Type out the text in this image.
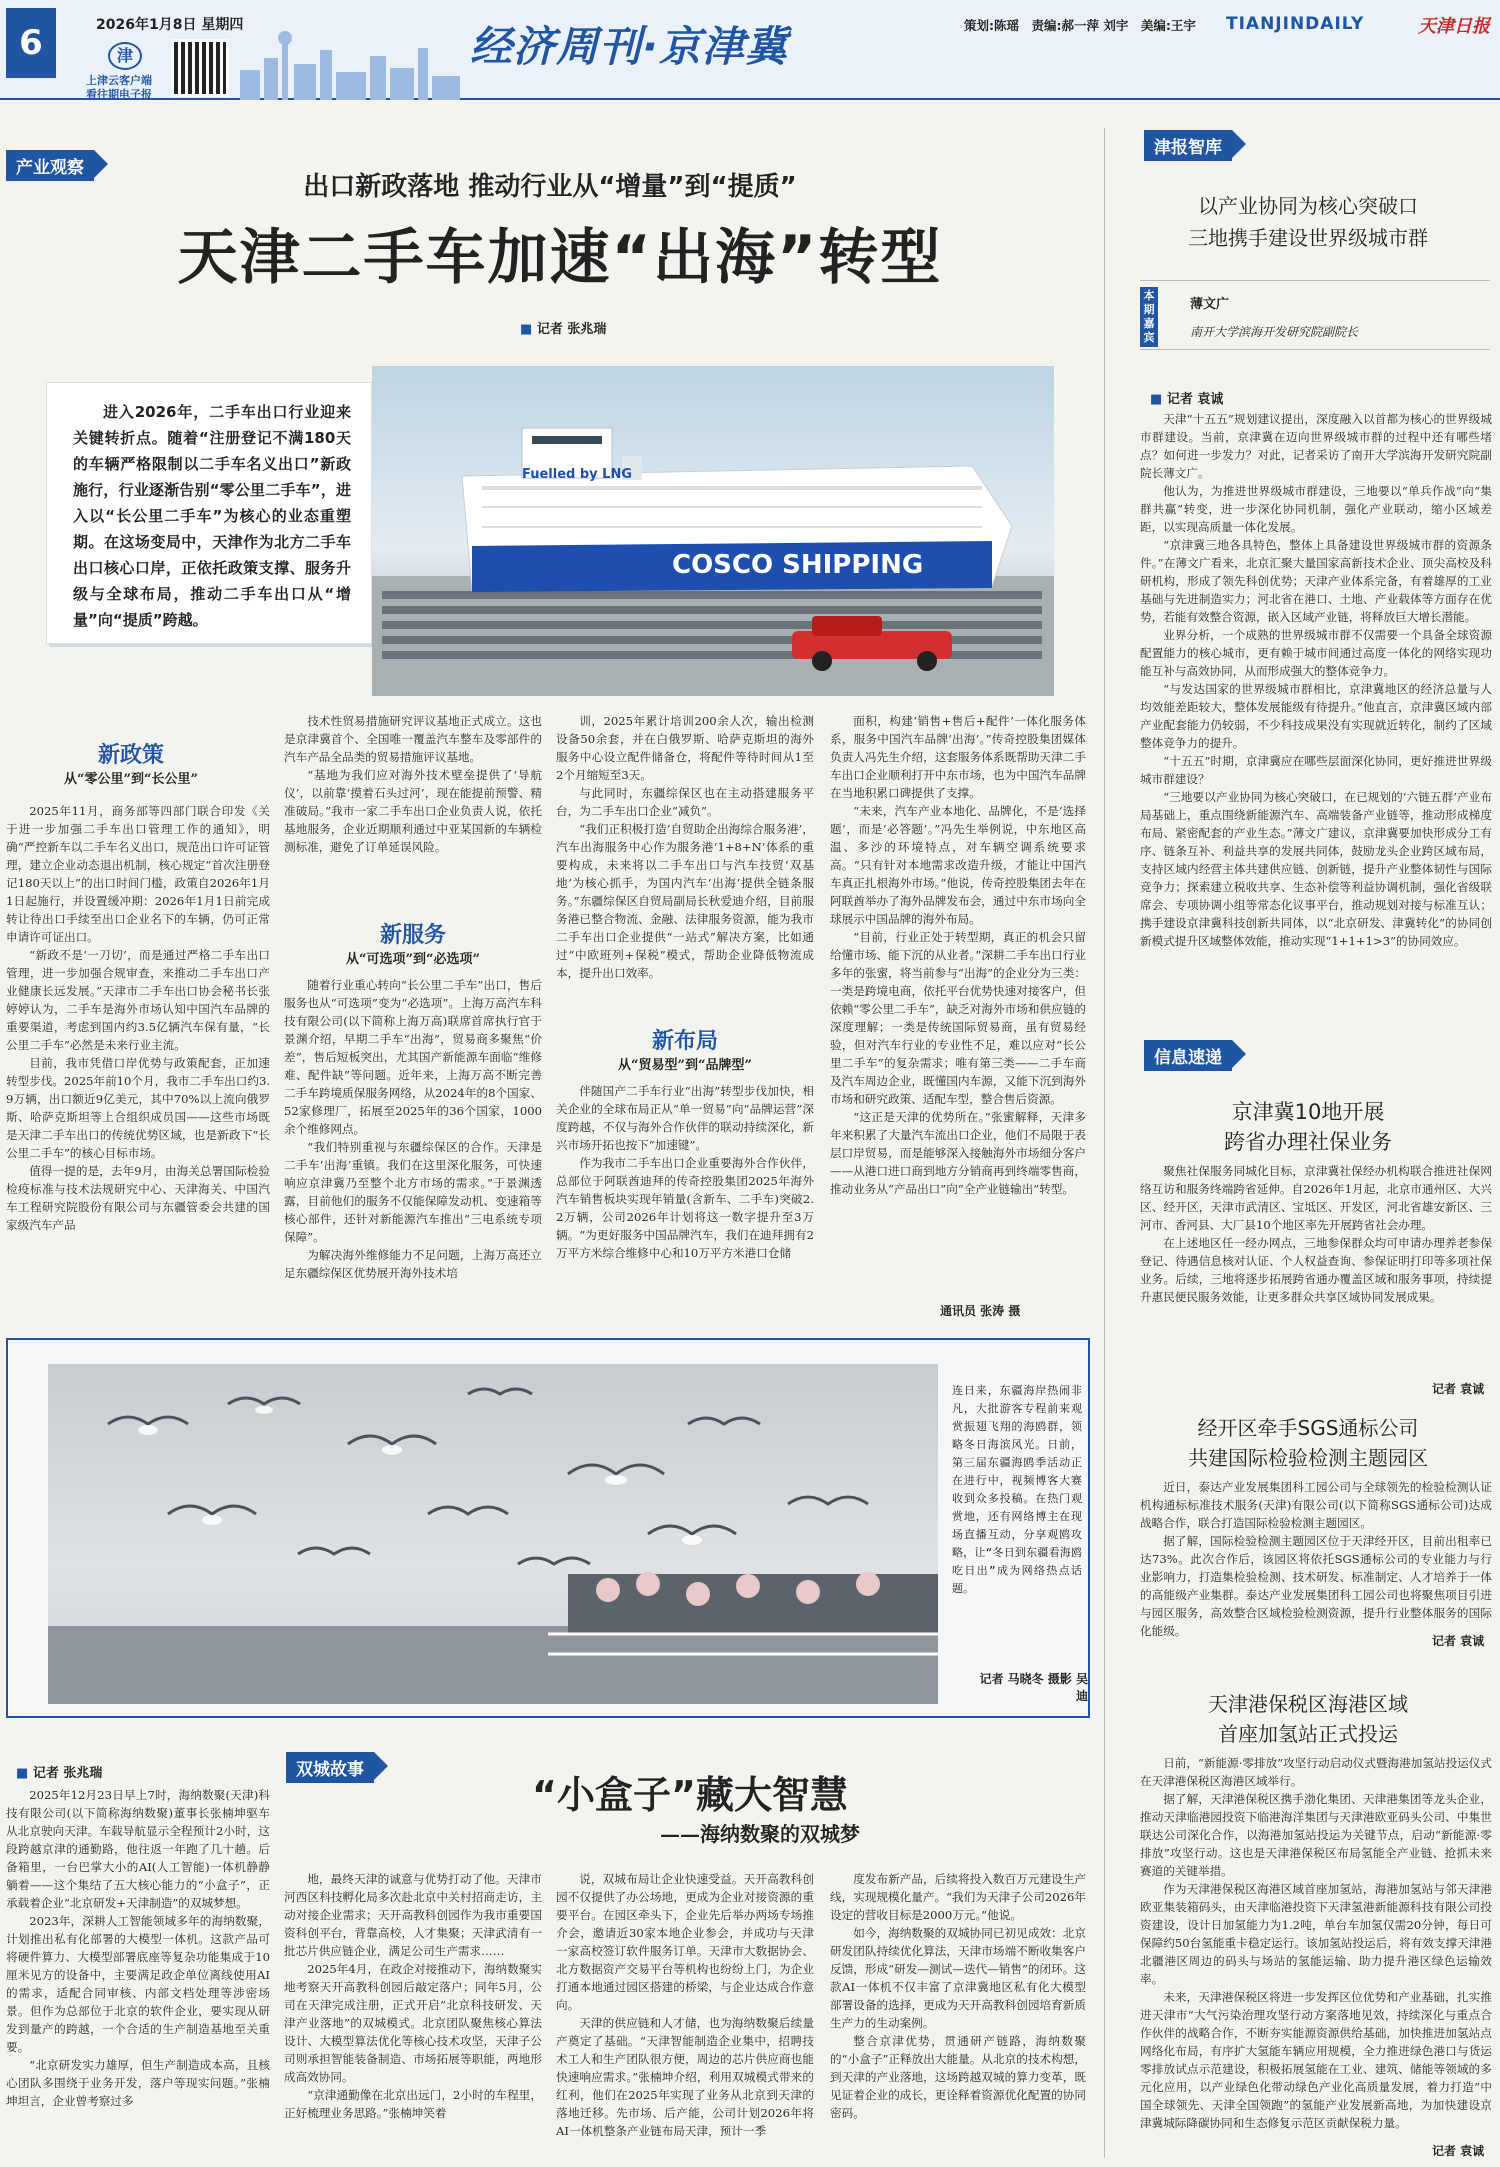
6	2026年1月8日 星期四
津
上津云客户端
看往期电子报
经济周刊·京津冀	策划:陈瑶　责编:郝一萍 刘宇　美编:王宇 TIANJINDAILY	天津日报
产业观察
出口新政落地 推动行业从“增量”到“提质”
天津二手车加速“出海”转型
■ 记者 张兆瑞
进入2026年，二手车出口行业迎来关键转折点。随着“注册登记不满180天的车辆严格限制以二手车名义出口”新政施行，行业逐渐告别“零公里二手车”，进入以“长公里二手车”为核心的业态重塑期。在这场变局中，天津作为北方二手车出口核心口岸，正依托政策支撑、服务升级与全球布局，推动二手车出口从“增量”向“提质”跨越。
COSCO SHIPPING
Fuelled by LNG
新政策
从“零公里”到“长公里”

2025年11月，商务部等四部门联合印发《关于进一步加强二手车出口管理工作的通知》，明确“严控新车以二手车名义出口，规范出口许可证管理，建立企业动态退出机制，核心规定“首次注册登记180天以上”的出口时间门槛，政策自2026年1月1日起施行，并设置缓冲期：2026年1月1日前完成转让待出口手续至出口企业名下的车辆，仍可正常申请许可证出口。

“新政不是‘一刀切’，而是通过严格二手车出口管理，进一步加强合规审查，来推动二手车出口产业健康长远发展。”天津市二手车出口协会秘书长张婷婷认为，二手车是海外市场认知中国汽车品牌的重要渠道，考虑到国内约3.5亿辆汽车保有量，“长公里二手车”必然是未来行业主流。

目前，我市凭借口岸优势与政策配套，正加速转型步伐。2025年前10个月，我市二手车出口约3.9万辆，出口额近9亿美元，其中70%以上流向俄罗斯、哈萨克斯坦等上合组织成员国——这些市场既是天津二手车出口的传统优势区域，也是新政下“长公里二手车”的核心目标市场。

值得一提的是，去年9月，由海关总署国际检验检疫标准与技术法规研究中心、天津海关、中国汽车工程研究院股份有限公司与东疆管委会共建的国家级汽车产品

技术性贸易措施研究评议基地正式成立。这也是京津冀首个、全国唯一覆盖汽车整车及零部件的汽车产品全品类的贸易措施评议基地。

“基地为我们应对海外技术壁垒提供了‘导航仪’，以前靠‘摸着石头过河’，现在能提前预警、精准破局。”我市一家二手车出口企业负责人说，依托基地服务，企业近期顺利通过中亚某国新的车辆检测标准，避免了订单延误风险。

新服务
从“可选项”到“必选项”

随着行业重心转向“长公里二手车”出口，售后服务也从“可选项”变为“必选项”。上海万高汽车科技有限公司(以下简称上海万高)联席首席执行官于景渊介绍，早期二手车“出海”，贸易商多聚焦“价差”，售后短板突出，尤其国产新能源车面临“维修难、配件缺”等问题。近年来，上海万高不断完善二手车跨境质保服务网络，从2024年的8个国家、52家修理厂，拓展至2025年的36个国家，1000余个维修网点。

“我们特别重视与东疆综保区的合作。天津是二手车‘出海’重镇。我们在这里深化服务，可快速响应京津冀乃至整个北方市场的需求。”于景渊透露，目前他们的服务不仅能保障发动机、变速箱等核心部件，还针对新能源汽车推出“三电系统专项保障”。

为解决海外维修能力不足问题，上海万高还立足东疆综保区优势展开海外技术培

训，2025年累计培训200余人次，输出检测设备50余套，并在白俄罗斯、哈萨克斯坦的海外服务中心设立配件储备仓，将配件等待时间从1至2个月缩短至3天。

与此同时，东疆综保区也在主动搭建服务平台，为二手车出口企业“减负”。

“我们正积极打造‘自贸助企出海综合服务港’，汽车出海服务中心作为服务港‘1+8+N’体系的重要构成，未来将以二手车出口与汽车技贸‘双基地’为核心抓手，为国内汽车‘出海’提供全链条服务。”东疆综保区自贸局副局长秋爱迪介绍，目前服务港已整合物流、金融、法律服务资源，能为我市二手车出口企业提供“一站式”解决方案，比如通过“中欧班列+保税”模式，帮助企业降低物流成本，提升出口效率。

新布局
从“贸易型”到“品牌型”

伴随国产二手车行业“出海”转型步伐加快，相关企业的全球布局正从“单一贸易”向“品牌运营”深度跨越，不仅与海外合作伙伴的联动持续深化，新兴市场开拓也按下“加速键”。

作为我市二手车出口企业重要海外合作伙伴，总部位于阿联酋迪拜的传奇控股集团2025年海外汽车销售板块实现年销量(含新车、二手车)突破2.2万辆，公司2026年计划将这一数字提升至3万辆。“为更好服务中国品牌汽车，我们在迪拜拥有2万平方米综合维修中心和10万平方米港口仓储

面积，构建‘销售+售后+配件’一体化服务体系，服务中国汽车品牌‘出海’。”传奇控股集团媒体负责人冯先生介绍，这套服务体系既帮助天津二手车出口企业顺利打开中东市场，也为中国汽车品牌在当地积累口碑提供了支撑。

“未来，汽车产业本地化、品牌化，不是‘选择题’，而是‘必答题’。”冯先生举例说，中东地区高温、多沙的环境特点，对车辆空调系统要求高。“只有针对本地需求改造升级，才能让中国汽车真正扎根海外市场。”他说，传奇控股集团去年在阿联酋举办了海外品牌发布会，通过中东市场向全球展示中国品牌的海外布局。

“目前，行业正处于转型期，真正的机会只留给懂市场、能下沉的从业者。”深耕二手车出口行业多年的张蜜，将当前参与“出海”的企业分为三类：一类是跨境电商，依托平台优势快速对接客户，但依赖“零公里二手车”，缺乏对海外市场和供应链的深度理解；一类是传统国际贸易商，虽有贸易经验，但对汽车行业的专业性不足，难以应对“长公里二手车”的复杂需求；唯有第三类——二手车商及汽车周边企业，既懂国内车源，又能下沉到海外市场和研究政策、适配车型，整合售后资源。

“这正是天津的优势所在。”张蜜解释，天津多年来积累了大量汽车流出口企业，他们不局限于表层口岸贸易，而是能够深入接触海外市场细分客户——从港口进口商到地方分销商再到终端零售商，推动业务从“产品出口”向“全产业链输出”转型。

通讯员 张涛 摄
连日来，东疆海岸热闹非凡，大批游客专程前来观赏振翅飞翔的海鸥群，领略冬日海滨风光。日前，第三届东疆海鸥季活动正在进行中，视频博客大赛收到众多投稿。在热门观赏地，还有网络博主在现场直播互动，分享观鸥攻略，让“冬日到东疆看海鸥吃日出”成为网络热点话题。
记者 马晓冬 摄影 吴迪
■ 记者 张兆瑞	双城故事
“小盒子”藏大智慧
——海纳数聚的双城梦

2025年12月23日早上7时，海纳数聚(天津)科技有限公司(以下简称海纳数聚)董事长张楠坤驱车从北京驶向天津。车载导航显示全程预计2小时，这段跨越京津的通勤路，他往返一年跑了几十趟。后备箱里，一台巴掌大小的AI(人工智能)一体机静静躺着——这个集结了五大核心能力的“小盒子”，正承载着企业“北京研发+天津制造”的双城梦想。

2023年，深耕人工智能领域多年的海纳数聚，计划推出私有化部署的大模型一体机。这款产品可将硬件算力、大模型部署底座等复杂功能集成于10厘米见方的设备中，主要满足政企单位离线使用AI的需求，适配合同审核、内部文档处理等涉密场景。但作为总部位于北京的软件企业，要实现从研发到量产的跨越，一个合适的生产制造基地至关重要。

“北京研发实力雄厚，但生产制造成本高，且核心团队多围绕于业务开发，落户等现实问题。”张楠坤坦言，企业曾考察过多

地，最终天津的诚意与优势打动了他。天津市河西区科技孵化局多次赴北京中关村招商走访，主动对接企业需求；天开高教科创园作为我市重要国资科创平台，背靠高校，人才集聚；天津武清有一批芯片供应链企业，满足公司生产需求……

2025年4月，在政企对接推动下，海纳数聚实地考察天开高教科创园后敲定落户；同年5月，公司在天津完成注册，正式开启“北京科技研发、天津产业落地”的双城模式。北京团队聚焦核心算法设计、大模型算法优化等核心技术攻坚，天津子公司则承担智能装备制造、市场拓展等职能，两地形成高效协同。

“京津通勤像在北京出远门，2小时的车程里，正好梳理业务思路。”张楠坤笑着

说，双城布局让企业快速受益。天开高教科创园不仅提供了办公场地，更成为企业对接资源的重要平台。在园区牵头下，企业先后举办两场专场推介会，邀请近30家本地企业参会，并成功与天津一家高校签订软件服务订单。天津市大数据协会、北方数据资产交易平台等机构也纷纷上门，为企业打通本地通过园区搭建的桥梁，与企业达成合作意向。

天津的供应链和人才储，也为海纳数聚后续量产奠定了基础。“天津智能制造企业集中，招聘技术工人和生产团队很方便，周边的芯片供应商也能快速响应需求。”张楠坤介绍，利用双城模式带来的红利，他们在2025年实现了业务从北京到天津的落地迁移。先市场、后产能，公司计划2026年将AI一体机整条产业链布局天津，预计一季

度发布新产品，后续将投入数百万元建设生产线，实现规模化量产。“我们为天津子公司2026年设定的营收目标是2000万元。”他说。

如今，海纳数聚的双城协同已初见成效：北京研发团队持续优化算法，天津市场端不断收集客户反馈，形成“研发—测试—迭代—销售”的闭环。这款AI一体机不仅丰富了京津冀地区私有化大模型部署设备的选择，更成为天开高教科创园培育新质生产力的生动案例。

整合京津优势，贯通研产链路，海纳数聚的“小盒子”正释放出大能量。从北京的技术构想，到天津的产业落地，这场跨越双城的算力变革，既见证着企业的成长，更诠释着资源优化配置的协同密码。

津报智库
以产业协同为核心突破口
三地携手建设世界级城市群
本期嘉宾
薄文广
南开大学滨海开发研究院副院长
■ 记者 袁诚

天津“十五五”规划建议提出，深度融入以首都为核心的世界级城市群建设。当前，京津冀在迈向世界级城市群的过程中还有哪些堵点？如何进一步发力？对此，记者采访了南开大学滨海开发研究院副院长薄文广。

他认为，为推进世界级城市群建设，三地要以“单兵作战”向“集群共赢”转变，进一步深化协同机制，强化产业联动，缩小区域差距，以实现高质量一体化发展。

“京津冀三地各具特色，整体上具备建设世界级城市群的资源条件。”在薄文广看来，北京汇聚大量国家高新技术企业、顶尖高校及科研机构，形成了领先科创优势；天津产业体系完备，有着雄厚的工业基础与先进制造实力；河北省在港口、土地、产业载体等方面存在优势，若能有效整合资源，嵌入区域产业链，将释放巨大增长潜能。

业界分析，一个成熟的世界级城市群不仅需要一个具备全球资源配置能力的核心城市，更有赖于城市间通过高度一体化的网络实现功能互补与高效协同，从而形成强大的整体竞争力。

“与发达国家的世界级城市群相比，京津冀地区的经济总量与人均效能差距较大，整体发展能级有待提升。”他直言，京津冀区域内部产业配套能力仍较弱，不少科技成果没有实现就近转化，制约了区域整体竞争力的提升。

“十五五”时期，京津冀应在哪些层面深化协同，更好推进世界级城市群建设？

“三地要以产业协同为核心突破口，在已规划的‘六链五群’产业布局基础上，重点围绕新能源汽车、高端装备产业链等，推动形成梯度布局、紧密配套的产业生态。”薄文广建议，京津冀要加快形成分工有序、链条互补、利益共享的发展共同体，鼓励龙头企业跨区域布局，支持区域内经营主体共建供应链、创新链，提升产业整体韧性与国际竞争力；探索建立税收共享、生态补偿等利益协调机制，强化省级联席会、专项协调小组等常态化议事平台，推动规划对接与标准互认；携手建设京津冀科技创新共同体，以“北京研发、津冀转化”的协同创新模式提升区域整体效能，推动实现“1+1+1>3”的协同效应。

信息速递
京津冀10地开展
跨省办理社保业务

聚焦社保服务同城化目标，京津冀社保经办机构联合推进社保网络互访和服务终端跨省延伸。自2026年1月起，北京市通州区、大兴区、经开区，天津市武清区、宝坻区、开发区，河北省雄安新区、三河市、香河县、大厂县10个地区率先开展跨省社会办理。

在上述地区任一经办网点，三地参保群众均可申请办理养老参保登记、待遇信息核对认证、个人权益查询、参保证明打印等多项社保业务。后续，三地将逐步拓展跨省通办覆盖区域和服务事项，持续提升惠民便民服务效能，让更多群众共享区域协同发展成果。

记者 袁诚
经开区牵手SGS通标公司
共建国际检验检测主题园区

近日，泰达产业发展集团科工园公司与全球领先的检验检测认证机构通标标准技术服务(天津)有限公司(以下简称SGS通标公司)达成战略合作，联合打造国际检验检测主题园区。

据了解，国际检验检测主题园区位于天津经开区，目前出租率已达73%。此次合作后，该园区将依托SGS通标公司的专业能力与行业影响力，打造集检验检测、技术研发、标准制定、人才培养于一体的高能级产业集群。泰达产业发展集团科工园公司也将聚焦项目引进与园区服务，高效整合区域检验检测资源，提升行业整体服务的国际化能级。

记者 袁诚
天津港保税区海港区域
首座加氢站正式投运

日前，“新能源·零排放”攻坚行动启动仪式暨海港加氢站投运仪式在天津港保税区海港区域举行。

据了解，天津港保税区携手渤化集团、天津港集团等龙头企业，推动天津临港园投资下临港海洋集团与天津港欧亚码头公司、中集世联达公司深化合作，以海港加氢站投运为关键节点，启动“新能源·零排放”攻坚行动。这也是天津港保税区布局氢能全产业链、抢抓未来赛道的关键举措。

作为天津港保税区海港区域首座加氢站，海港加氢站与邻天津港欧亚集装箱码头，由天津临港投资下天津氢港新能源科技有限公司投资建设，设计日加氢能力为1.2吨，单台车加氢仅需20分钟，每日可保障约50台氢能重卡稳定运行。该加氢站投运后，将有效支撑天津港北疆港区周边的码头与场站的氢能运输、助力提升港区绿色运输效率。

未来，天津港保税区将进一步发挥区位优势和产业基础，扎实推进天津市“大气污染治理攻坚行动方案落地见效，持续深化与重点合作伙伴的战略合作，不断夯实能源资源供给基础，加快推进加氢站点网络化布局，有序扩大氢能车辆应用规模，全力推进绿色港口与货运零排放试点示范建设，积极拓展氢能在工业、建筑、储能等领域的多元化应用，以产业绿色化带动绿色产业化高质量发展，着力打造“中国全球领先、天津全国领跑”的氢能产业发展新高地，为加快建设京津冀城际降碳协同和生态修复示范区贡献保税力量。

记者 袁诚
